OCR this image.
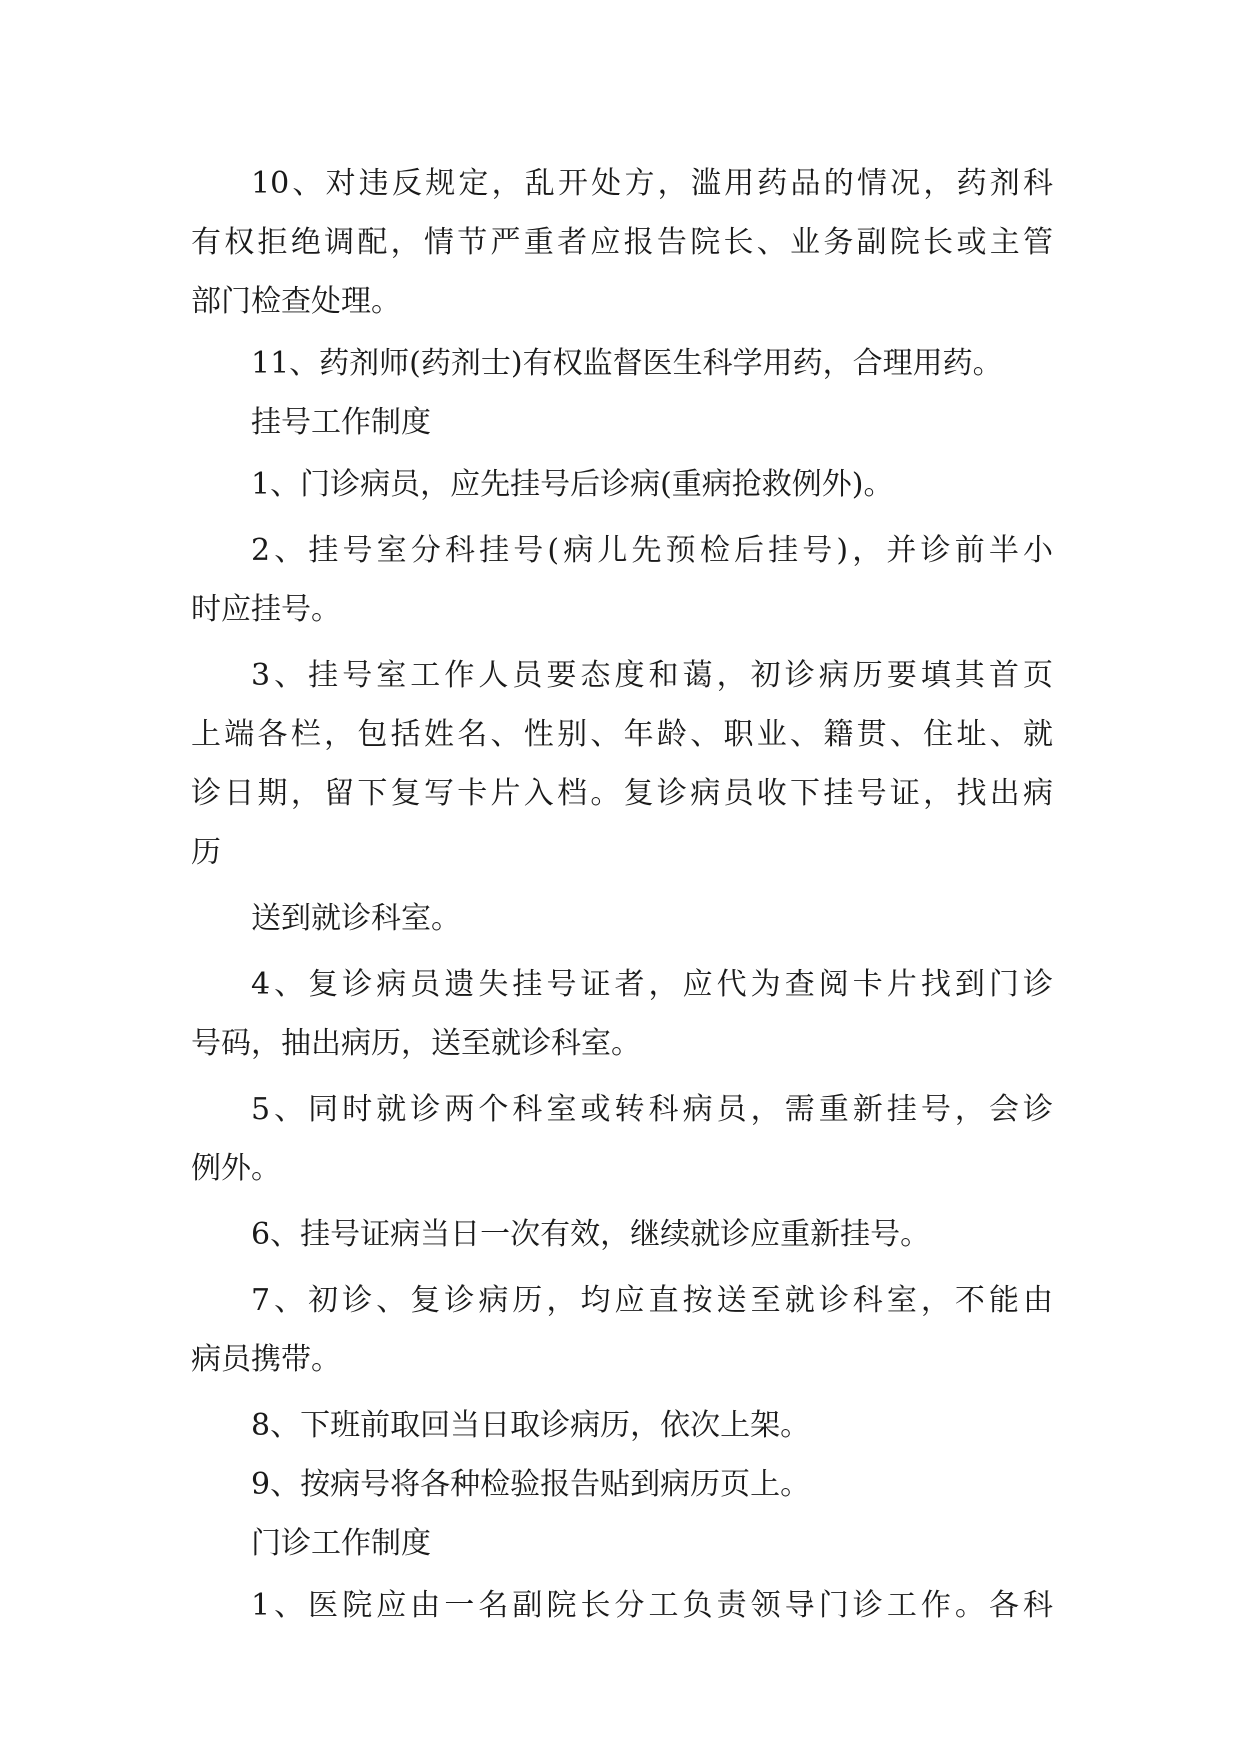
10、对违反规定，乱开处方，滥用药品的情况，药剂科
有权拒绝调配，情节严重者应报告院长、业务副院长或主管
部门检查处理。
11、药剂师(药剂士)有权监督医生科学用药，合理用药。
挂号工作制度
1、门诊病员，应先挂号后诊病(重病抢救例外)。
2、挂号室分科挂号(病儿先预检后挂号)，并诊前半小
时应挂号。
3、挂号室工作人员要态度和蔼，初诊病历要填其首页
上端各栏，包括姓名、性别、年龄、职业、籍贯、住址、就
诊日期，留下复写卡片入档。复诊病员收下挂号证，找出病
历
送到就诊科室。
4、复诊病员遗失挂号证者，应代为查阅卡片找到门诊
号码，抽出病历，送至就诊科室。
5、同时就诊两个科室或转科病员，需重新挂号，会诊
例外。
6、挂号证病当日一次有效，继续就诊应重新挂号。
7、初诊、复诊病历，均应直按送至就诊科室，不能由
病员携带。
8、下班前取回当日取诊病历，依次上架。
9、按病号将各种检验报告贴到病历页上。
门诊工作制度
1、医院应由一名副院长分工负责领导门诊工作。各科
